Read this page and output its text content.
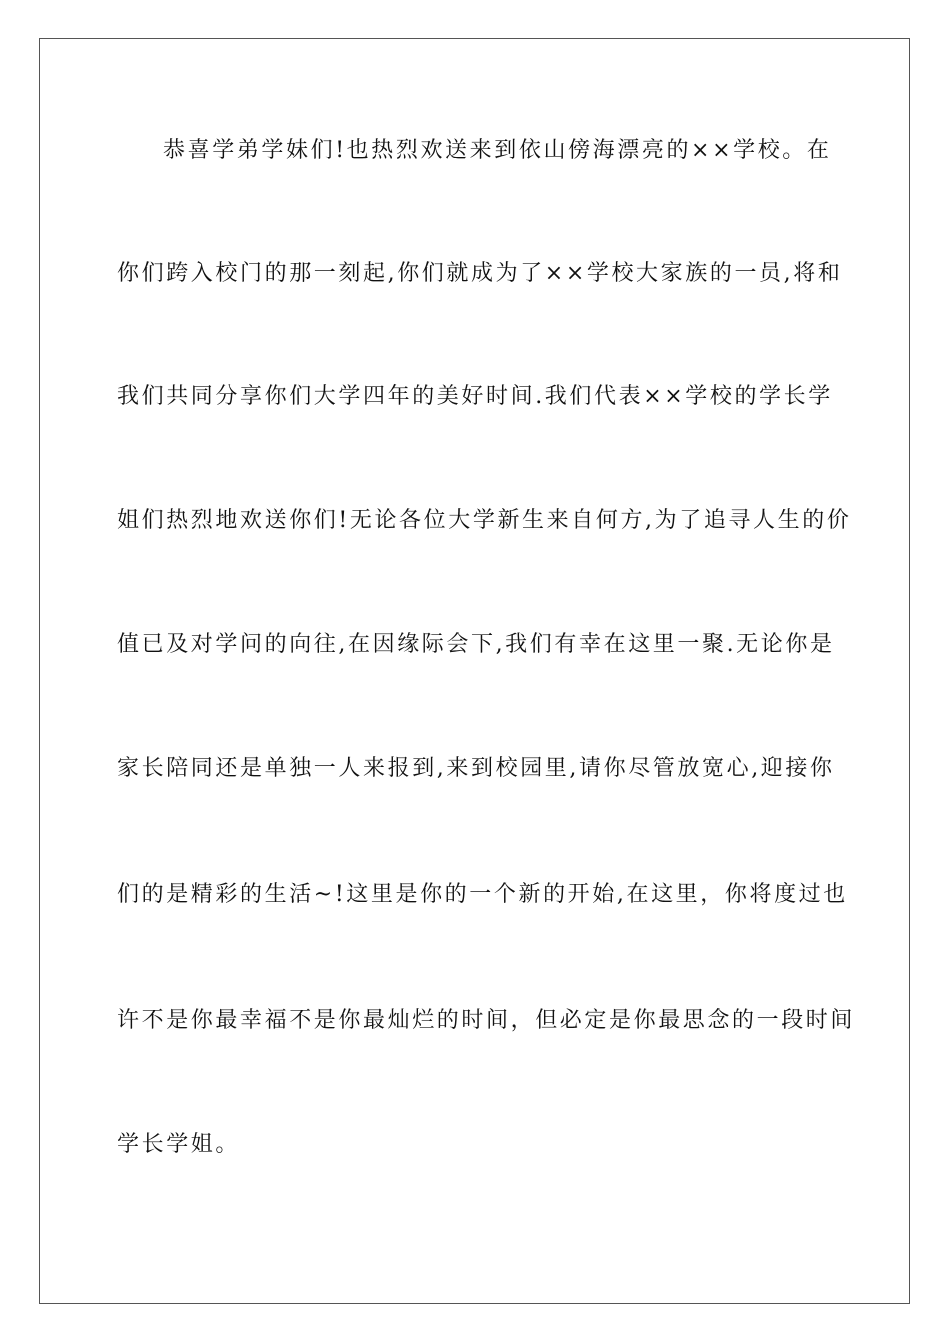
恭喜学弟学妹们!也热烈欢送来到依山傍海漂亮的××学校。在
你们跨入校门的那一刻起,你们就成为了××学校大家族的一员,将和
我们共同分享你们大学四年的美好时间.我们代表××学校的学长学
姐们热烈地欢送你们!无论各位大学新生来自何方,为了追寻人生的价
值已及对学问的向往,在因缘际会下,我们有幸在这里一聚.无论你是
家长陪同还是单独一人来报到,来到校园里,请你尽管放宽心,迎接你
们的是精彩的生活~!这里是你的一个新的开始,在这里，你将度过也
许不是你最幸福不是你最灿烂的时间，但必定是你最思念的一段时间
学长学姐。
